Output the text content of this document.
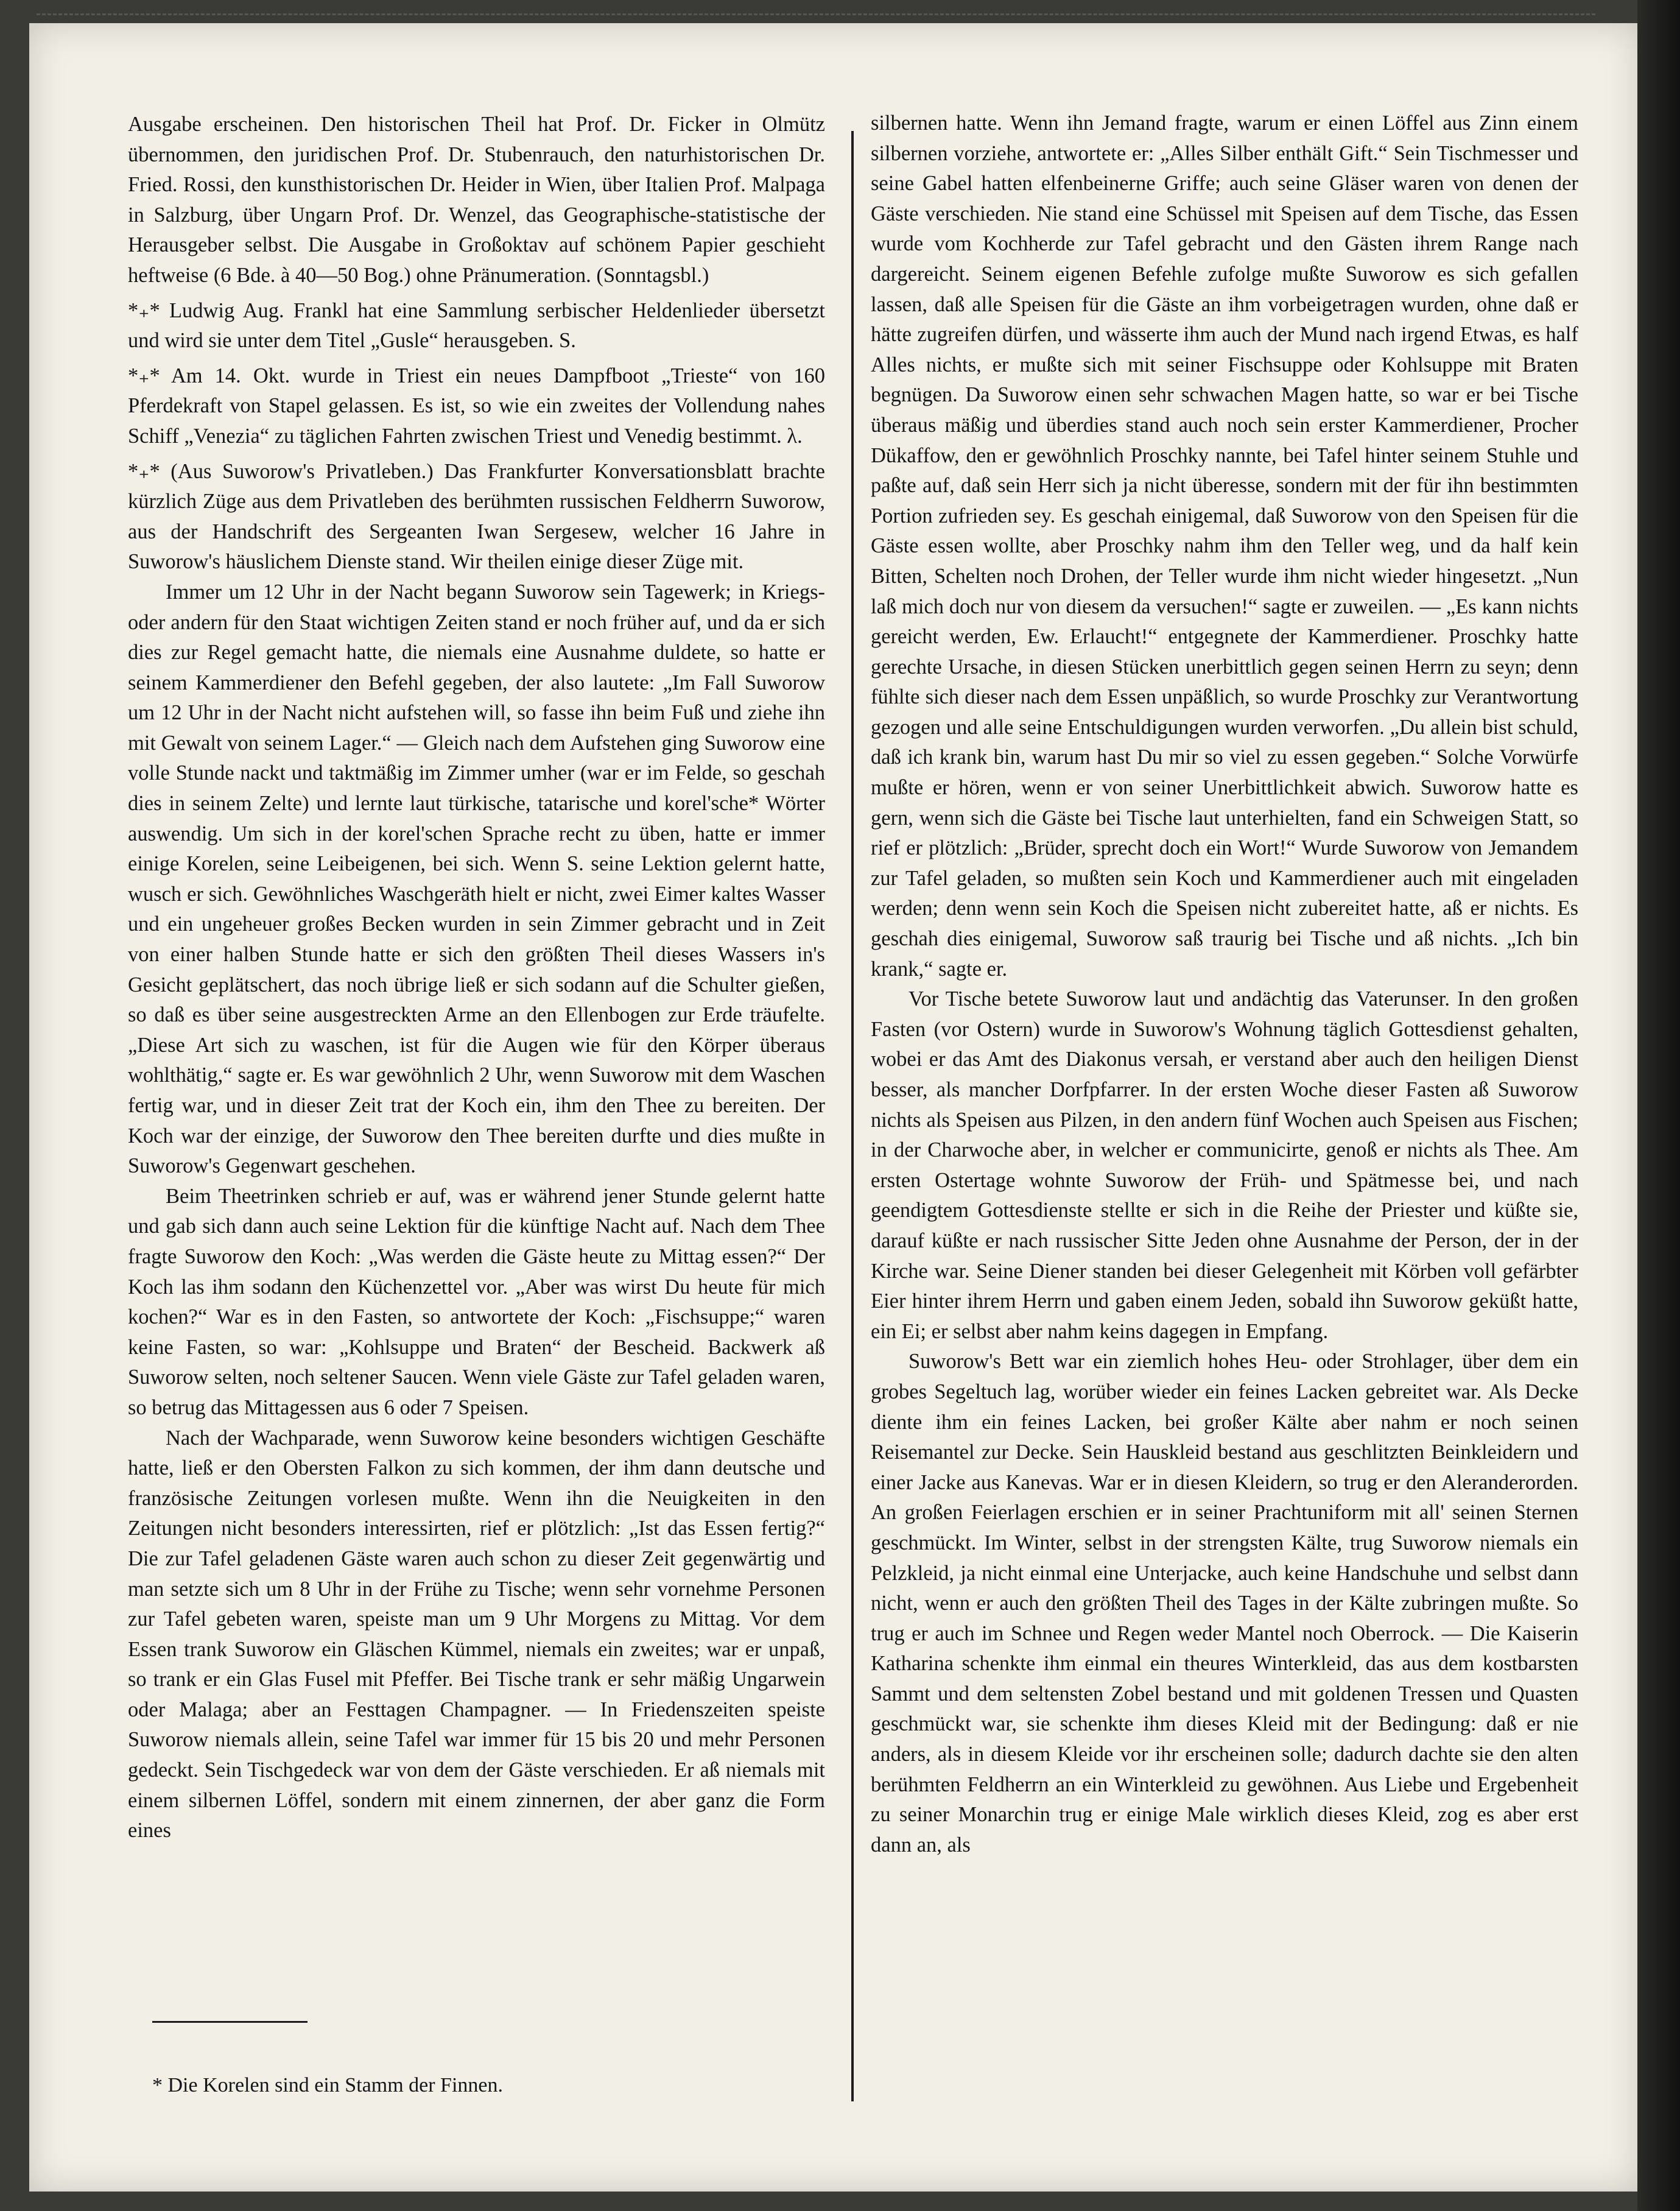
Ausgabe erscheinen. Den historischen Theil hat Prof. Dr. Ficker in Olmütz übernommen, den juridischen Prof. Dr. Stubenrauch, den naturhistorischen Dr. Fried. Rossi, den kunsthistorischen Dr. Heider in Wien, über Italien Prof. Malpaga in Salzburg, über Ungarn Prof. Dr. Wenzel, das Geographische-statistische der Herausgeber selbst. Die Ausgabe in Großoktav auf schönem Papier geschieht heftweise (6 Bde. à 40—50 Bog.) ohne Pränumeration. (Sonntagsbl.)

*₊* Ludwig Aug. Frankl hat eine Sammlung serbischer Heldenlieder übersetzt und wird sie unter dem Titel „Gusle“ herausgeben. S.

*₊* Am 14. Okt. wurde in Triest ein neues Dampfboot „Trieste“ von 160 Pferdekraft von Stapel gelassen. Es ist, so wie ein zweites der Vollendung nahes Schiff „Venezia“ zu täglichen Fahrten zwischen Triest und Venedig bestimmt. λ.

*₊* (Aus Suworow's Privatleben.) Das Frankfurter Konversationsblatt brachte kürzlich Züge aus dem Privatleben des berühmten russischen Feldherrn Suworow, aus der Handschrift des Sergeanten Iwan Sergesew, welcher 16 Jahre in Suworow's häuslichem Dienste stand. Wir theilen einige dieser Züge mit.

Immer um 12 Uhr in der Nacht begann Suworow sein Tagewerk; in Kriegs- oder andern für den Staat wichtigen Zeiten stand er noch früher auf, und da er sich dies zur Regel gemacht hatte, die niemals eine Ausnahme duldete, so hatte er seinem Kammerdiener den Befehl gegeben, der also lautete: „Im Fall Suworow um 12 Uhr in der Nacht nicht aufstehen will, so fasse ihn beim Fuß und ziehe ihn mit Gewalt von seinem Lager.“ — Gleich nach dem Aufstehen ging Suworow eine volle Stunde nackt und taktmäßig im Zimmer umher (war er im Felde, so geschah dies in seinem Zelte) und lernte laut türkische, tatarische und korel'sche* Wörter auswendig. Um sich in der korel'schen Sprache recht zu üben, hatte er immer einige Korelen, seine Leibeigenen, bei sich. Wenn S. seine Lektion gelernt hatte, wusch er sich. Gewöhnliches Waschgeräth hielt er nicht, zwei Eimer kaltes Wasser und ein ungeheuer großes Becken wurden in sein Zimmer gebracht und in Zeit von einer halben Stunde hatte er sich den größten Theil dieses Wassers in's Gesicht geplätschert, das noch übrige ließ er sich sodann auf die Schulter gießen, so daß es über seine ausgestreckten Arme an den Ellenbogen zur Erde träufelte. „Diese Art sich zu waschen, ist für die Augen wie für den Körper überaus wohlthätig,“ sagte er. Es war gewöhnlich 2 Uhr, wenn Suworow mit dem Waschen fertig war, und in dieser Zeit trat der Koch ein, ihm den Thee zu bereiten. Der Koch war der einzige, der Suworow den Thee bereiten durfte und dies mußte in Suworow's Gegenwart geschehen.

Beim Theetrinken schrieb er auf, was er während jener Stunde gelernt hatte und gab sich dann auch seine Lektion für die künftige Nacht auf. Nach dem Thee fragte Suworow den Koch: „Was werden die Gäste heute zu Mittag essen?“ Der Koch las ihm sodann den Küchenzettel vor. „Aber was wirst Du heute für mich kochen?“ War es in den Fasten, so antwortete der Koch: „Fischsuppe;“ waren keine Fasten, so war: „Kohlsuppe und Braten“ der Bescheid. Backwerk aß Suworow selten, noch seltener Saucen. Wenn viele Gäste zur Tafel geladen waren, so betrug das Mittagessen aus 6 oder 7 Speisen.

Nach der Wachparade, wenn Suworow keine besonders wichtigen Geschäfte hatte, ließ er den Obersten Falkon zu sich kommen, der ihm dann deutsche und französische Zeitungen vorlesen mußte. Wenn ihn die Neuigkeiten in den Zeitungen nicht besonders interessirten, rief er plötzlich: „Ist das Essen fertig?“ Die zur Tafel geladenen Gäste waren auch schon zu dieser Zeit gegenwärtig und man setzte sich um 8 Uhr in der Frühe zu Tische; wenn sehr vornehme Personen zur Tafel gebeten waren, speiste man um 9 Uhr Morgens zu Mittag. Vor dem Essen trank Suworow ein Gläschen Kümmel, niemals ein zweites; war er unpaß, so trank er ein Glas Fusel mit Pfeffer. Bei Tische trank er sehr mäßig Ungarwein oder Malaga; aber an Festtagen Champagner. — In Friedenszeiten speiste Suworow niemals allein, seine Tafel war immer für 15 bis 20 und mehr Personen gedeckt. Sein Tischgedeck war von dem der Gäste verschieden. Er aß niemals mit einem silbernen Löffel, sondern mit einem zinnernen, der aber ganz die Form eines

silbernen hatte. Wenn ihn Jemand fragte, warum er einen Löffel aus Zinn einem silbernen vorziehe, antwortete er: „Alles Silber enthält Gift.“ Sein Tischmesser und seine Gabel hatten elfenbeinerne Griffe; auch seine Gläser waren von denen der Gäste verschieden. Nie stand eine Schüssel mit Speisen auf dem Tische, das Essen wurde vom Kochherde zur Tafel gebracht und den Gästen ihrem Range nach dargereicht. Seinem eigenen Befehle zufolge mußte Suworow es sich gefallen lassen, daß alle Speisen für die Gäste an ihm vorbeigetragen wurden, ohne daß er hätte zugreifen dürfen, und wässerte ihm auch der Mund nach irgend Etwas, es half Alles nichts, er mußte sich mit seiner Fischsuppe oder Kohlsuppe mit Braten begnügen. Da Suworow einen sehr schwachen Magen hatte, so war er bei Tische überaus mäßig und überdies stand auch noch sein erster Kammerdiener, Procher Dükaffow, den er gewöhnlich Proschky nannte, bei Tafel hinter seinem Stuhle und paßte auf, daß sein Herr sich ja nicht überesse, sondern mit der für ihn bestimmten Portion zufrieden sey. Es geschah einigemal, daß Suworow von den Speisen für die Gäste essen wollte, aber Proschky nahm ihm den Teller weg, und da half kein Bitten, Schelten noch Drohen, der Teller wurde ihm nicht wieder hingesetzt. „Nun laß mich doch nur von diesem da versuchen!“ sagte er zuweilen. — „Es kann nichts gereicht werden, Ew. Erlaucht!“ entgegnete der Kammerdiener. Proschky hatte gerechte Ursache, in diesen Stücken unerbittlich gegen seinen Herrn zu seyn; denn fühlte sich dieser nach dem Essen unpäßlich, so wurde Proschky zur Verantwortung gezogen und alle seine Entschuldigungen wurden verworfen. „Du allein bist schuld, daß ich krank bin, warum hast Du mir so viel zu essen gegeben.“ Solche Vorwürfe mußte er hören, wenn er von seiner Unerbittlichkeit abwich. Suworow hatte es gern, wenn sich die Gäste bei Tische laut unterhielten, fand ein Schweigen Statt, so rief er plötzlich: „Brüder, sprecht doch ein Wort!“ Wurde Suworow von Jemandem zur Tafel geladen, so mußten sein Koch und Kammerdiener auch mit eingeladen werden; denn wenn sein Koch die Speisen nicht zubereitet hatte, aß er nichts. Es geschah dies einigemal, Suworow saß traurig bei Tische und aß nichts. „Ich bin krank,“ sagte er.

Vor Tische betete Suworow laut und andächtig das Vaterunser. In den großen Fasten (vor Ostern) wurde in Suworow's Wohnung täglich Gottesdienst gehalten, wobei er das Amt des Diakonus versah, er verstand aber auch den heiligen Dienst besser, als mancher Dorfpfarrer. In der ersten Woche dieser Fasten aß Suworow nichts als Speisen aus Pilzen, in den andern fünf Wochen auch Speisen aus Fischen; in der Charwoche aber, in welcher er communicirte, genoß er nichts als Thee. Am ersten Ostertage wohnte Suworow der Früh- und Spätmesse bei, und nach geendigtem Gottesdienste stellte er sich in die Reihe der Priester und küßte sie, darauf küßte er nach russischer Sitte Jeden ohne Ausnahme der Person, der in der Kirche war. Seine Diener standen bei dieser Gelegenheit mit Körben voll gefärbter Eier hinter ihrem Herrn und gaben einem Jeden, sobald ihn Suworow geküßt hatte, ein Ei; er selbst aber nahm keins dagegen in Empfang.

Suworow's Bett war ein ziemlich hohes Heu- oder Strohlager, über dem ein grobes Segeltuch lag, worüber wieder ein feines Lacken gebreitet war. Als Decke diente ihm ein feines Lacken, bei großer Kälte aber nahm er noch seinen Reisemantel zur Decke. Sein Hauskleid bestand aus geschlitzten Beinkleidern und einer Jacke aus Kanevas. War er in diesen Kleidern, so trug er den Aleranderorden. An großen Feierlagen erschien er in seiner Prachtuniform mit all' seinen Sternen geschmückt. Im Winter, selbst in der strengsten Kälte, trug Suworow niemals ein Pelzkleid, ja nicht einmal eine Unterjacke, auch keine Handschuhe und selbst dann nicht, wenn er auch den größten Theil des Tages in der Kälte zubringen mußte. So trug er auch im Schnee und Regen weder Mantel noch Oberrock. — Die Kaiserin Katharina schenkte ihm einmal ein theures Winterkleid, das aus dem kostbarsten Sammt und dem seltensten Zobel bestand und mit goldenen Tressen und Quasten geschmückt war, sie schenkte ihm dieses Kleid mit der Bedingung: daß er nie anders, als in diesem Kleide vor ihr erscheinen solle; dadurch dachte sie den alten berühmten Feldherrn an ein Winterkleid zu gewöhnen. Aus Liebe und Ergebenheit zu seiner Monarchin trug er einige Male wirklich dieses Kleid, zog es aber erst dann an, als

* Die Korelen sind ein Stamm der Finnen.
